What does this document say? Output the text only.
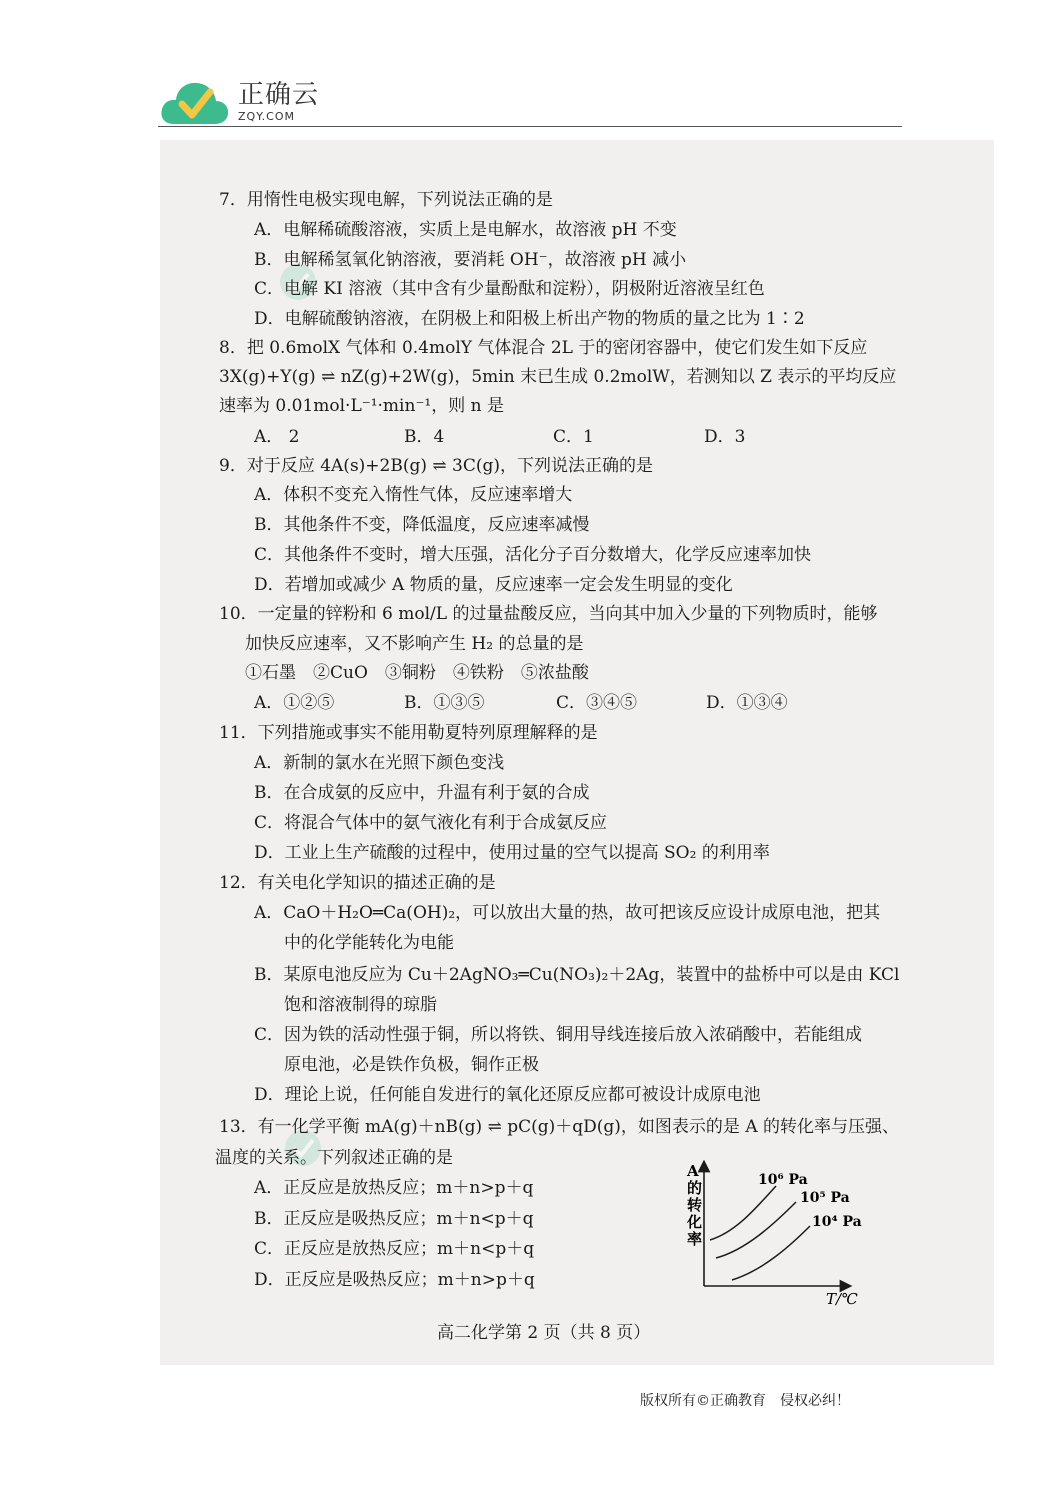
正确云
ZQY.COM
7．用惰性电极实现电解，下列说法正确的是
A．电解稀硫酸溶液，实质上是电解水，故溶液 pH 不变
B．电解稀氢氧化钠溶液，要消耗 OH⁻，故溶液 pH 减小
C．电解 KI 溶液（其中含有少量酚酞和淀粉），阴极附近溶液呈红色
D．电解硫酸钠溶液，在阴极上和阳极上析出产物的物质的量之比为 1∶2
8．把 0.6molX 气体和 0.4molY 气体混合 2L 于的密闭容器中，使它们发生如下反应
3X(g)+Y(g) ⇌ nZ(g)+2W(g)，5min 末已生成 0.2molW，若测知以 Z 表示的平均反应
速率为 0.01mol·L⁻¹·min⁻¹，则 n 是
A． 2	B．4	C．1	D．3
9．对于反应 4A(s)+2B(g) ⇌ 3C(g)，下列说法正确的是
A．体积不变充入惰性气体，反应速率增大
B．其他条件不变，降低温度，反应速率减慢
C．其他条件不变时，增大压强，活化分子百分数增大，化学反应速率加快
D．若增加或减少 A 物质的量，反应速率一定会发生明显的变化
10．一定量的锌粉和 6 mol/L 的过量盐酸反应，当向其中加入少量的下列物质时，能够
加快反应速率，又不影响产生 H₂ 的总量的是
①石墨　②CuO　③铜粉　④铁粉　⑤浓盐酸
A．①②⑤	B．①③⑤	C．③④⑤	D．①③④
11．下列措施或事实不能用勒夏特列原理解释的是
A．新制的氯水在光照下颜色变浅
B．在合成氨的反应中，升温有利于氨的合成
C．将混合气体中的氨气液化有利于合成氨反应
D．工业上生产硫酸的过程中，使用过量的空气以提高 SO₂ 的利用率
12．有关电化学知识的描述正确的是
A．CaO＋H₂O═Ca(OH)₂，可以放出大量的热，故可把该反应设计成原电池，把其
中的化学能转化为电能
B．某原电池反应为 Cu＋2AgNO₃═Cu(NO₃)₂＋2Ag，装置中的盐桥中可以是由 KCl
饱和溶液制得的琼脂
C．因为铁的活动性强于铜，所以将铁、铜用导线连接后放入浓硝酸中，若能组成
原电池，必是铁作负极，铜作正极
D．理论上说，任何能自发进行的氧化还原反应都可被设计成原电池
13．有一化学平衡 mA(g)＋nB(g) ⇌ pC(g)＋qD(g)，如图表示的是 A 的转化率与压强、
温度的关系。下列叙述正确的是
A．正反应是放热反应；m＋n>p＋q
B．正反应是吸热反应；m＋n<p＋q
C．正反应是放热反应；m＋n<p＋q
D．正反应是吸热反应；m＋n>p＋q
A 的转化率
T/℃
10⁶ Pa
10⁵ Pa
10⁴ Pa
高二化学第 2 页（共 8 页）
版权所有©正确教育　侵权必纠！
